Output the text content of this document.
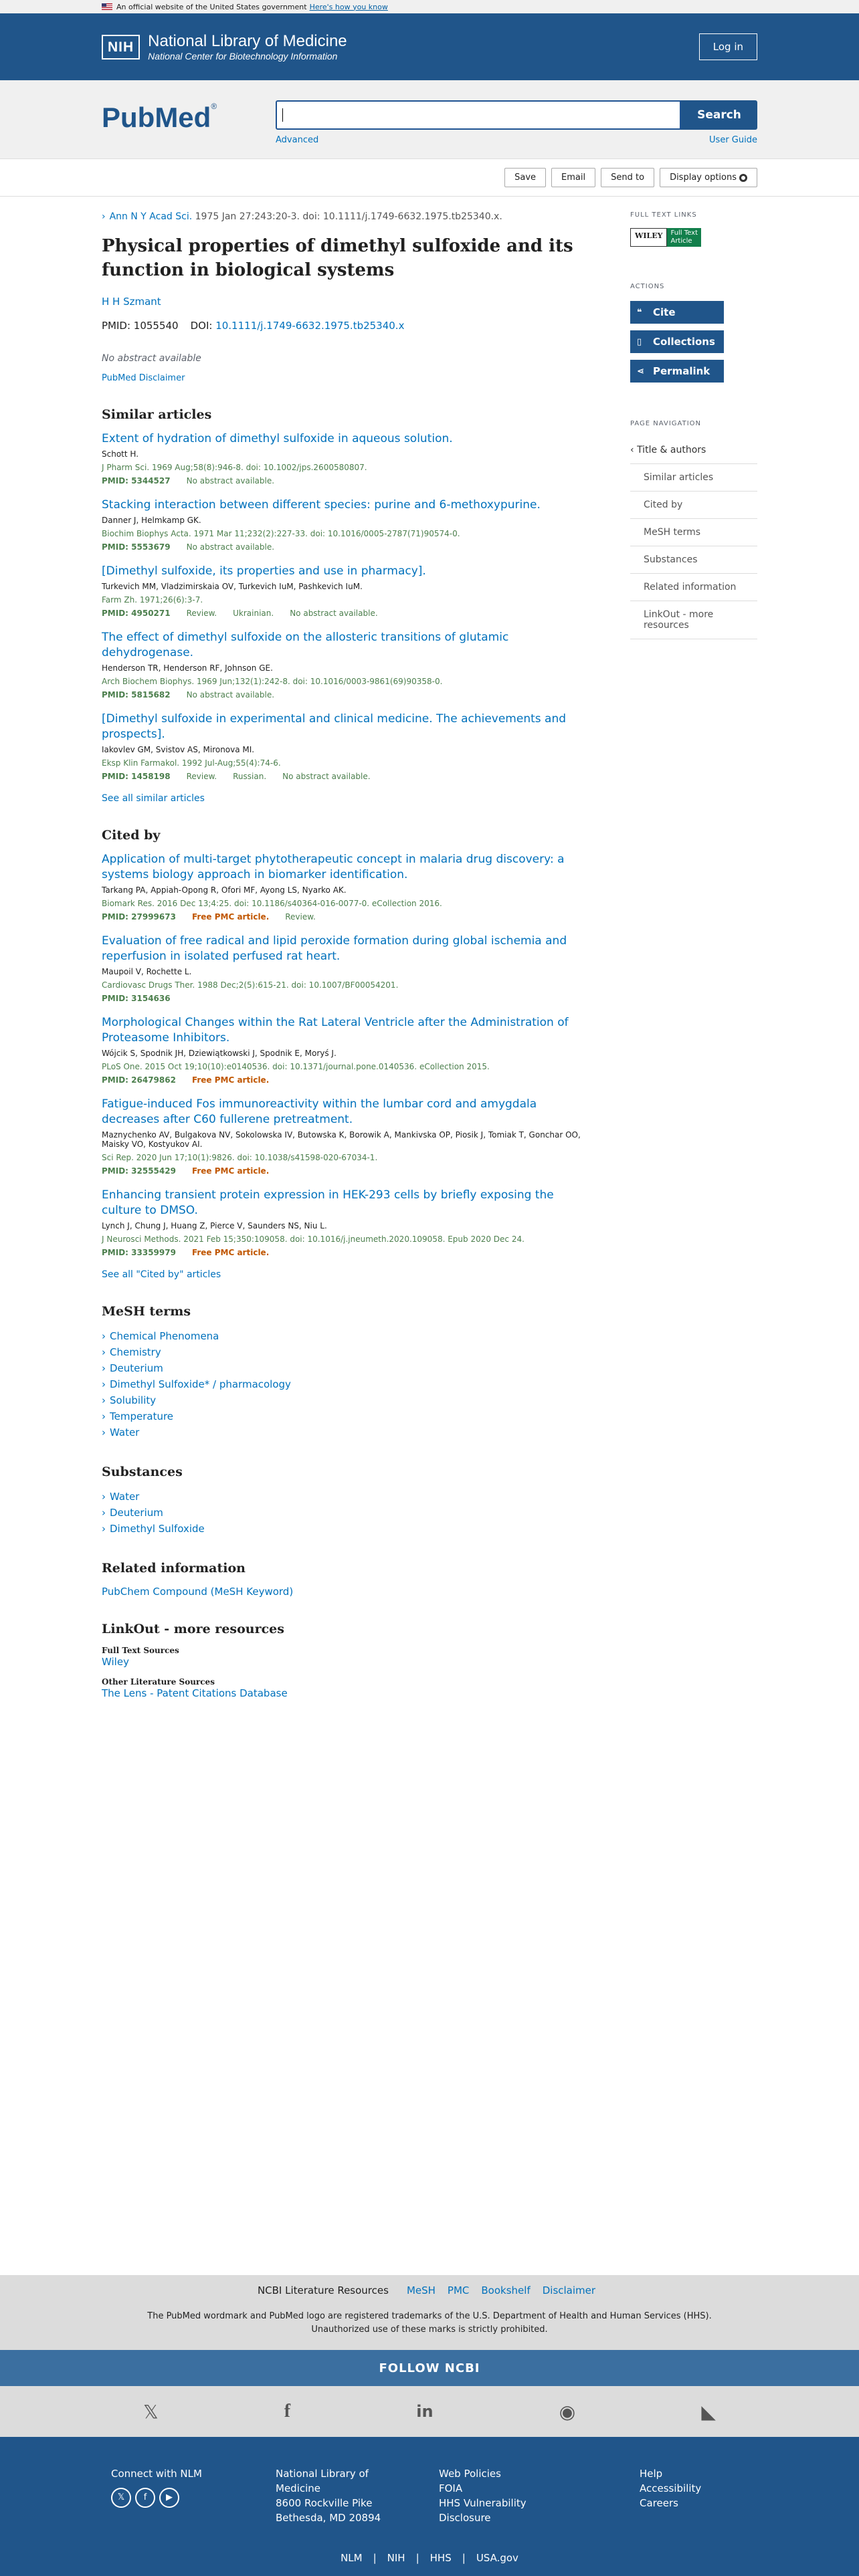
An official website of the United States government Here's how you know
NIH National Library of Medicine
National Center for Biotechnology Information
Log in
PubMed®
Search
Advanced	User Guide
Save	Email	Send to	Display options
› Ann N Y Acad Sci. 1975 Jan 27:243:20-3. doi: 10.1111/j.1749-6632.1975.tb25340.x.
Physical properties of dimethyl sulfoxide and its function in biological systems
H H Szmant
PMID: 1055540 DOI: 10.1111/j.1749-6632.1975.tb25340.x
No abstract available
PubMed Disclaimer
Similar articles
Extent of hydration of dimethyl sulfoxide in aqueous solution.
Schott H.
J Pharm Sci. 1969 Aug;58(8):946-8. doi: 10.1002/jps.2600580807.
PMID: 5344527 No abstract available.
Stacking interaction between different species: purine and 6-methoxypurine.
Danner J, Helmkamp GK.
Biochim Biophys Acta. 1971 Mar 11;232(2):227-33. doi: 10.1016/0005-2787(71)90574-0.
PMID: 5553679 No abstract available.
[Dimethyl sulfoxide, its properties and use in pharmacy].
Turkevich MM, Vladzimirskaia OV, Turkevich IuM, Pashkevich IuM.
Farm Zh. 1971;26(6):3-7.
PMID: 4950271 Review. Ukrainian. No abstract available.
The effect of dimethyl sulfoxide on the allosteric transitions of glutamic dehydrogenase.
Henderson TR, Henderson RF, Johnson GE.
Arch Biochem Biophys. 1969 Jun;132(1):242-8. doi: 10.1016/0003-9861(69)90358-0.
PMID: 5815682 No abstract available.
[Dimethyl sulfoxide in experimental and clinical medicine. The achievements and prospects].
Iakovlev GM, Svistov AS, Mironova MI.
Eksp Klin Farmakol. 1992 Jul-Aug;55(4):74-6.
PMID: 1458198 Review. Russian. No abstract available.
See all similar articles
Cited by
Application of multi-target phytotherapeutic concept in malaria drug discovery: a systems biology approach in biomarker identification.
Tarkang PA, Appiah-Opong R, Ofori MF, Ayong LS, Nyarko AK.
Biomark Res. 2016 Dec 13;4:25. doi: 10.1186/s40364-016-0077-0. eCollection 2016.
PMID: 27999673 Free PMC article. Review.
Evaluation of free radical and lipid peroxide formation during global ischemia and reperfusion in isolated perfused rat heart.
Maupoil V, Rochette L.
Cardiovasc Drugs Ther. 1988 Dec;2(5):615-21. doi: 10.1007/BF00054201.
PMID: 3154636
Morphological Changes within the Rat Lateral Ventricle after the Administration of Proteasome Inhibitors.
Wójcik S, Spodnik JH, Dziewiątkowski J, Spodnik E, Moryś J.
PLoS One. 2015 Oct 19;10(10):e0140536. doi: 10.1371/journal.pone.0140536. eCollection 2015.
PMID: 26479862 Free PMC article.
Fatigue-induced Fos immunoreactivity within the lumbar cord and amygdala decreases after C60 fullerene pretreatment.
Maznychenko AV, Bulgakova NV, Sokolowska IV, Butowska K, Borowik A, Mankivska OP, Piosik J, Tomiak T, Gonchar OO, Maisky VO, Kostyukov AI.
Sci Rep. 2020 Jun 17;10(1):9826. doi: 10.1038/s41598-020-67034-1.
PMID: 32555429 Free PMC article.
Enhancing transient protein expression in HEK-293 cells by briefly exposing the culture to DMSO.
Lynch J, Chung J, Huang Z, Pierce V, Saunders NS, Niu L.
J Neurosci Methods. 2021 Feb 15;350:109058. doi: 10.1016/j.jneumeth.2020.109058. Epub 2020 Dec 24.
PMID: 33359979 Free PMC article.
See all "Cited by" articles
MeSH terms
› Chemical Phenomena
› Chemistry
› Deuterium
› Dimethyl Sulfoxide* / pharmacology
› Solubility
› Temperature
› Water
Substances
› Water
› Deuterium
› Dimethyl Sulfoxide
Related information
PubChem Compound (MeSH Keyword)
LinkOut - more resources
Full Text Sources
Wiley
Other Literature Sources
The Lens - Patent Citations Database
FULL TEXT LINKS
WILEY	Full Text
Article
ACTIONS
❝	Cite
▯	Collections
⋖ Permalink
PAGE NAVIGATION
‹ Title & authors
Similar articles
Cited by
MeSH terms
Substances
Related information
LinkOut - more resources
NCBI Literature Resources MeSH PMC Bookshelf Disclaimer
The PubMed wordmark and PubMed logo are registered trademarks of the U.S. Department of Health and Human Services (HHS).
Unauthorized use of these marks is strictly prohibited.
FOLLOW NCBI
𝕏	f	in	◉	◣
Connect with NLM
𝕏 f ▶
National Library of
Medicine
8600 Rockville Pike
Bethesda, MD 20894
Web Policies
FOIA
HHS Vulnerability
Disclosure
Help
Accessibility
Careers
NLM | NIH | HHS | USA.gov
